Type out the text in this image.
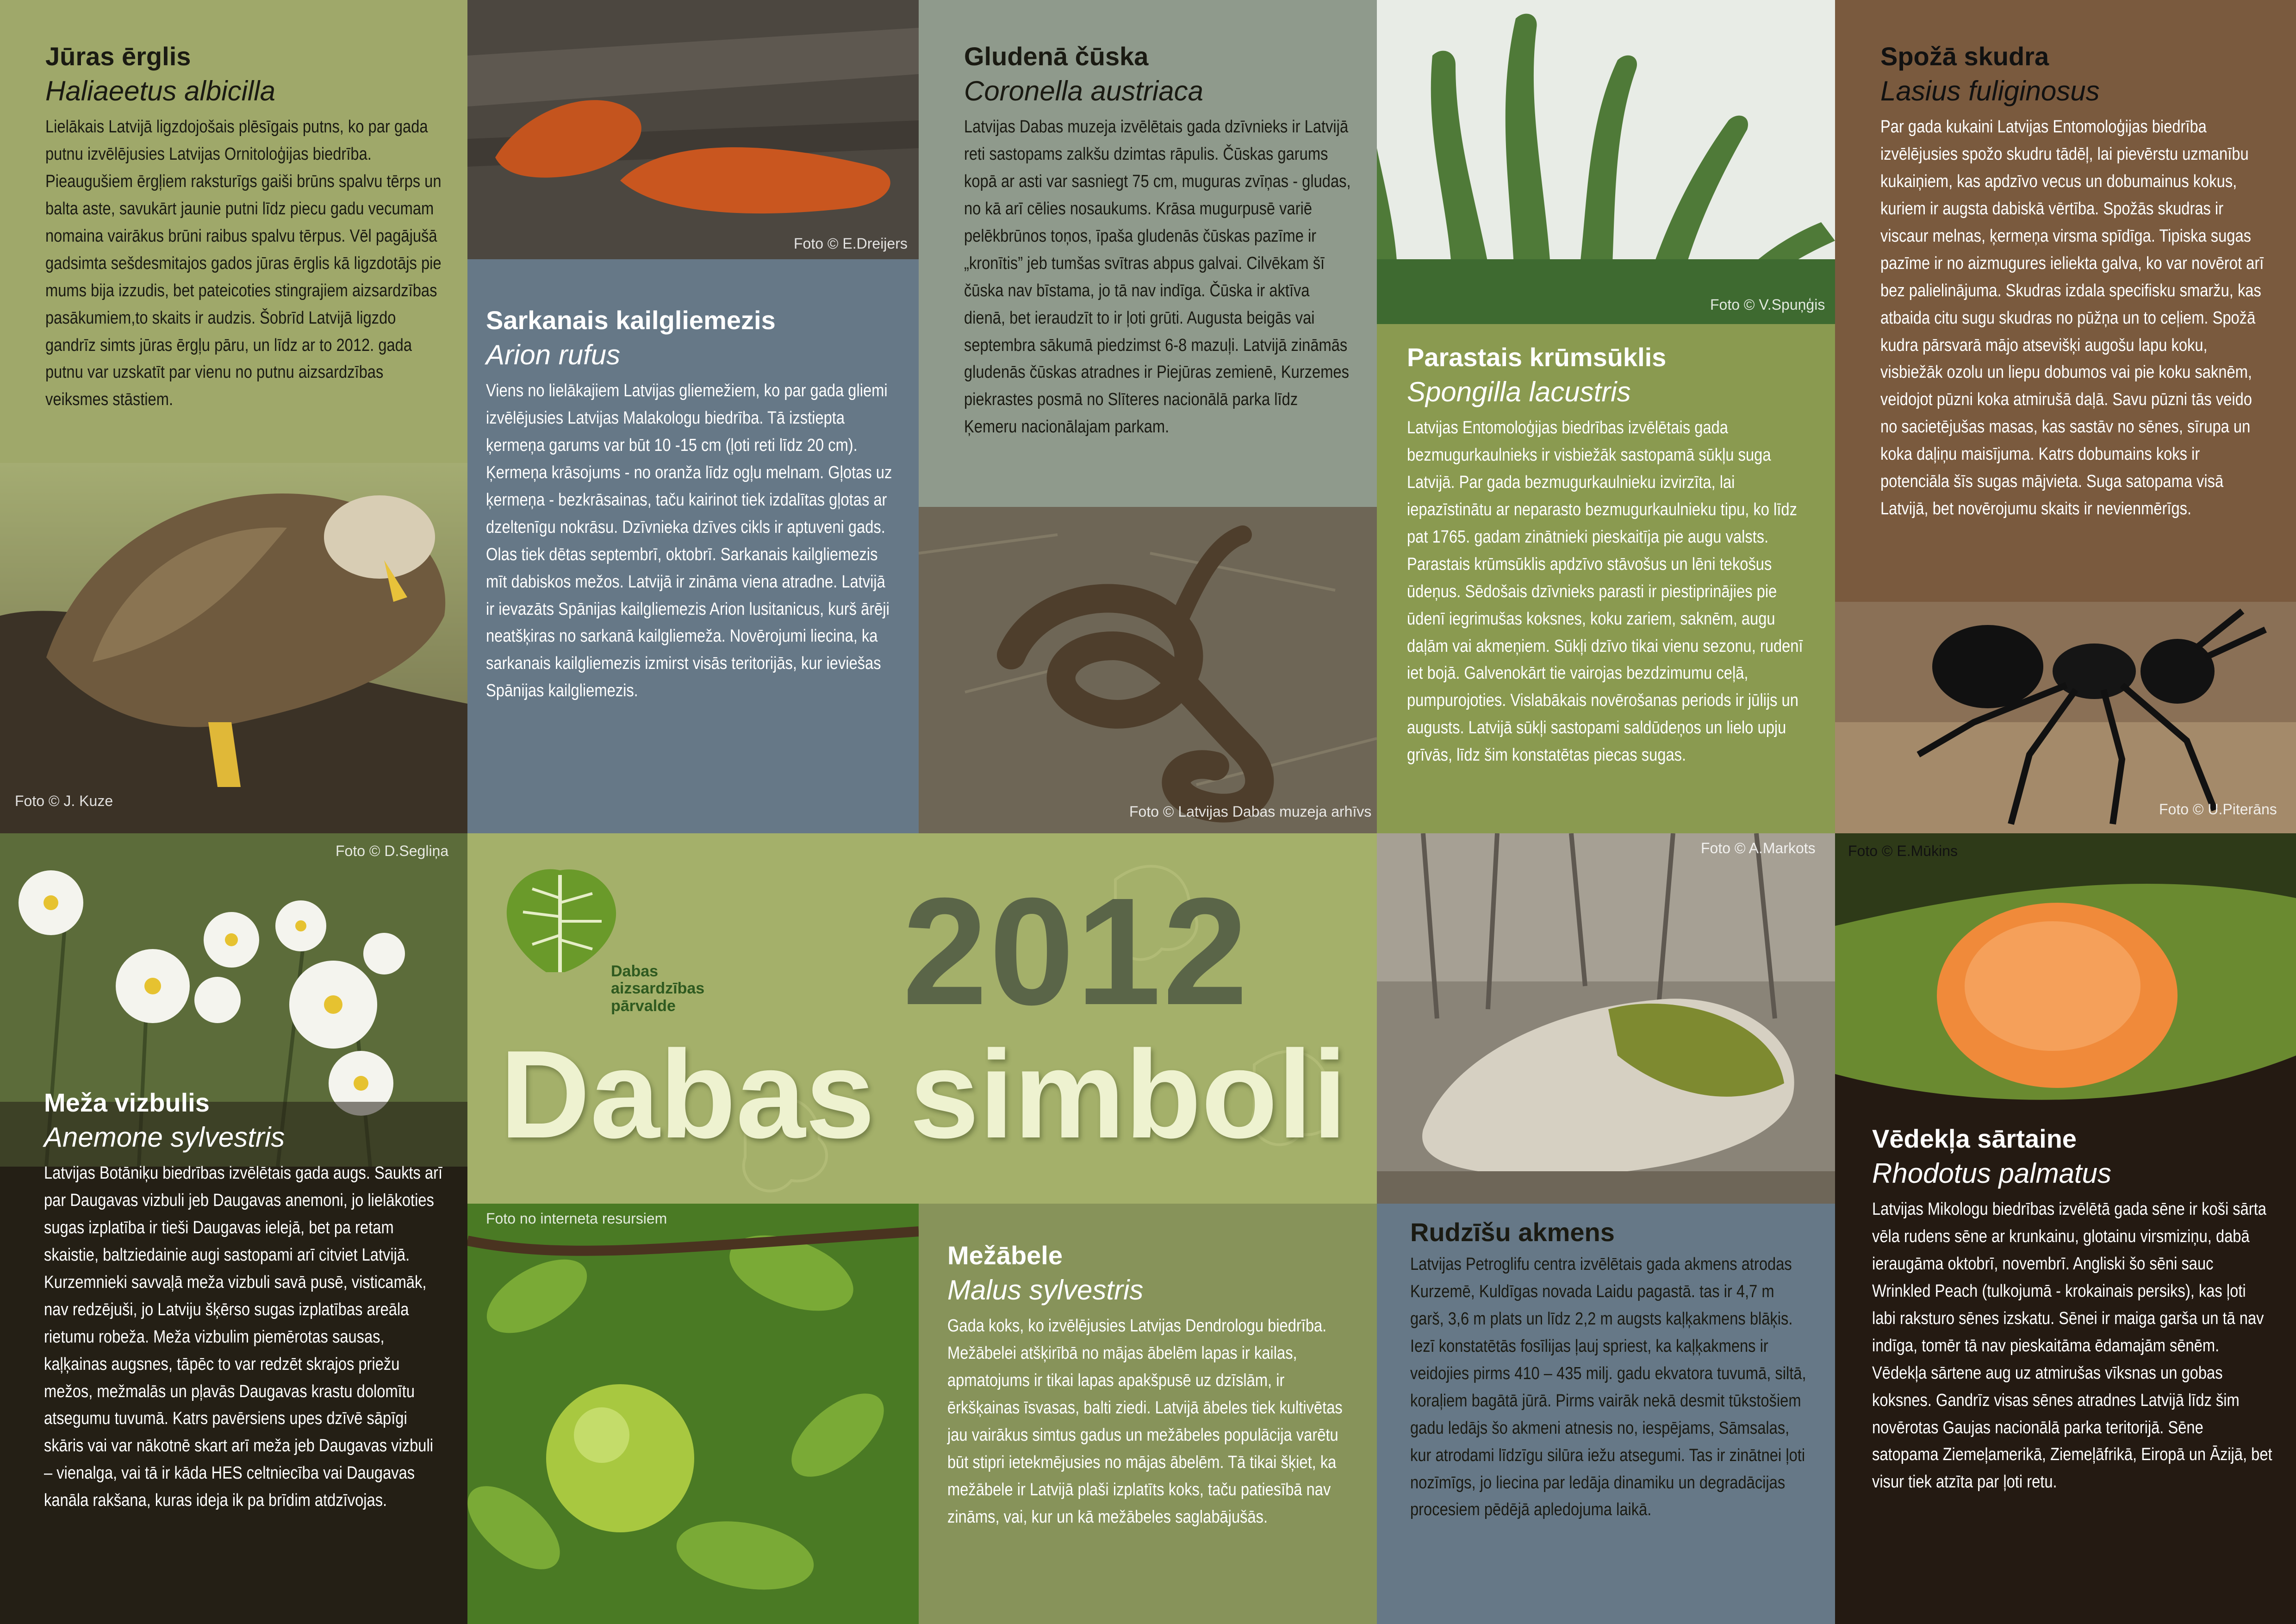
Jūras ērglis
Haliaeetus albicilla

Lielākais Latvijā ligzdojošais plēsīgais putns, ko par gada putnu izvēlējusies Latvijas Ornitoloģijas biedrība. Pieaugušiem ērgļiem raksturīgs gaiši brūns spalvu tērps un balta aste, savukārt jaunie putni līdz piecu gadu vecumam nomaina vairākus brūni raibus spalvu tērpus. Vēl pagājušā gadsimta sešdesmitajos gados jūras ērglis kā ligzdotājs pie mums bija izzudis, bet pateicoties stingrajiem aizsardzības pasākumiem,to skaits ir audzis. Šobrīd Latvijā ligzdo gandrīz simts jūras ērgļu pāru, un līdz ar to 2012. gada putnu var uzskatīt par vienu no putnu aizsardzības veiksmes stāstiem.

Foto © J. Kuze
Foto © E.Dreijers
Gludenā čūska
Coronella austriaca

Latvijas Dabas muzeja izvēlētais gada dzīvnieks ir Latvijā reti sastopams zalkšu dzimtas rāpulis. Čūskas garums kopā ar asti var sasniegt 75 cm, muguras zvīņas - gludas, no kā arī cēlies nosaukums. Krāsa mugurpusē variē pelēkbrūnos toņos, īpaša gludenās čūskas pazīme ir „kronītis” jeb tumšas svītras abpus galvai. Cilvēkam šī čūska nav bīstama, jo tā nav indīga. Čūska ir aktīva dienā, bet ieraudzīt to ir ļoti grūti. Augusta beigās vai septembra sākumā piedzimst 6-8 mazuļi. Latvijā zināmās gludenās čūskas atradnes ir Piejūras zemienē, Kurzemes piekrastes posmā no Slīteres nacionālā parka līdz Ķemeru nacionālajam parkam.

Foto © V.Spuņģis
Spožā skudra
Lasius fuliginosus

Par gada kukaini Latvijas Entomoloģijas biedrība izvēlējusies spožo skudru tādēļ, lai pievērstu uzmanību kukaiņiem, kas apdzīvo vecus un dobumainus kokus, kuriem ir augsta dabiskā vērtība. Spožās skudras ir viscaur melnas, ķermeņa virsma spīdīga. Tipiska sugas pazīme ir no aizmugures ieliekta galva, ko var novērot arī bez palielinājuma. Skudras izdala specifisku smaržu, kas atbaida citu sugu skudras no pūžņa un to ceļiem. Spožā kudra pārsvarā mājo atsevišķi augošu lapu koku, visbiežāk ozolu un liepu dobumos vai pie koku saknēm, veidojot pūzni koka atmirušā daļā. Savu pūzni tās veido no sacietējušas masas, kas sastāv no sēnes, sīrupa un koka daļiņu maisījuma. Katrs dobumains koks ir potenciāla šīs sugas mājvieta. Suga satopama visā Latvijā, bet novērojumu skaits ir nevienmērīgs.

Foto © U.Piterāns
Sarkanais kailgliemezis
Arion rufus

Viens no lielākajiem Latvijas gliemežiem, ko par gada gliemi izvēlējusies Latvijas Malakologu biedrība. Tā izstiepta ķermeņa garums var būt 10 -15 cm (ļoti reti līdz 20 cm). Ķermeņa krāsojums - no oranža līdz ogļu melnam. Gļotas uz ķermeņa - bezkrāsainas, taču kairinot tiek izdalītas gļotas ar dzeltenīgu nokrāsu. Dzīvnieka dzīves cikls ir aptuveni gads. Olas tiek dētas septembrī, oktobrī. Sarkanais kailgliemezis mīt dabiskos mežos. Latvijā ir zināma viena atradne. Latvijā ir ievazāts Spānijas kailgliemezis Arion lusitanicus, kurš ārēji neatšķiras no sarkanā kailgliemeža. Novērojumi liecina, ka sarkanais kailgliemezis izmirst visās teritorijās, kur ieviešas Spānijas kailgliemezis.

Foto © Latvijas Dabas muzeja arhīvs
Parastais krūmsūklis
Spongilla lacustris

Latvijas Entomoloģijas biedrības izvēlētais gada bezmugurkaulnieks ir visbiežāk sastopamā sūkļu suga Latvijā. Par gada bezmugurkaulnieku izvirzīta, lai iepazīstinātu ar neparasto bezmugurkaulnieku tipu, ko līdz pat 1765. gadam zinātnieki pieskaitīja pie augu valsts. Parastais krūmsūklis apdzīvo stāvošus un lēni tekošus ūdeņus. Sēdošais dzīvnieks parasti ir piestiprinājies pie ūdenī iegrimušas koksnes, koku zariem, saknēm, augu daļām vai akmeņiem. Sūkļi dzīvo tikai vienu sezonu, rudenī iet bojā. Galvenokārt tie vairojas bezdzimumu ceļā, pumpurojoties. Vislabākais novērošanas periods ir jūlijs un augusts. Latvijā sūkļi sastopami saldūdeņos un lielo upju grīvās, līdz šim konstatētas piecas sugas.

Foto © D.Segliņa
Meža vizbulis
Anemone sylvestris

Latvijas Botāniķu biedrības izvēlētais gada augs. Saukts arī par Daugavas vizbuli jeb Daugavas anemoni, jo lielākoties sugas izplatība ir tieši Daugavas ielejā, bet pa retam skaistie, baltziedainie augi sastopami arī citviet Latvijā. Kurzemnieki savvaļā meža vizbuli savā pusē, visticamāk, nav redzējuši, jo Latviju šķērso sugas izplatības areāla rietumu robeža. Meža vizbulim piemērotas sausas, kaļķainas augsnes, tāpēc to var redzēt skrajos priežu mežos, mežmalās un pļavās Daugavas krastu dolomītu atsegumu tuvumā. Katrs pavērsiens upes dzīvē sāpīgi skāris vai var nākotnē skart arī meža jeb Daugavas vizbuli – vienalga, vai tā ir kāda HES celtniecība vai Daugavas kanāla rakšana, kuras ideja ik pa brīdim atdzīvojas.

Dabas
aizsardzības
pārvalde 2012
Dabas simboli
Foto © A.Markots Foto © E.Mūkins
Vēdekļa sārtaine
Rhodotus palmatus

Latvijas Mikologu biedrības izvēlētā gada sēne ir koši sārta vēla rudens sēne ar krunkainu, glotainu virsmiziņu, dabā ieraugāma oktobrī, novembrī. Angliski šo sēni sauc Wrinkled Peach (tulkojumā - krokainais persiks), kas ļoti labi raksturo sēnes izskatu. Sēnei ir maiga garša un tā nav indīga, tomēr tā nav pieskaitāma ēdamajām sēnēm. Vēdekļa sārtene aug uz atmirušas vīksnas un gobas koksnes. Gandrīz visas sēnes atradnes Latvijā līdz šim novērotas Gaujas nacionālā parka teritorijā. Sēne satopama Ziemeļamerikā, Ziemeļāfrikā, Eiropā un Āzijā, bet visur tiek atzīta par ļoti retu.

Foto no interneta resursiem
Mežābele
Malus sylvestris

Gada koks, ko izvēlējusies Latvijas Dendrologu biedrība. Mežābelei atšķirībā no mājas ābelēm lapas ir kailas, apmatojums ir tikai lapas apakšpusē uz dzīslām, ir ērkšķainas īsvasas, balti ziedi. Latvijā ābeles tiek kultivētas jau vairākus simtus gadus un mežābeles populācija varētu būt stipri ietekmējusies no mājas ābelēm. Tā tikai šķiet, ka mežābele ir Latvijā plaši izplatīts koks, taču patiesībā nav zināms, vai, kur un kā mežābeles saglabājušās.

Rudzīšu akmens

Latvijas Petroglifu centra izvēlētais gada akmens atrodas Kurzemē, Kuldīgas novada Laidu pagastā. tas ir 4,7 m garš, 3,6 m plats un līdz 2,2 m augsts kaļķakmens blāķis. Iezī konstatētās fosīlijas ļauj spriest, ka kaļķakmens ir veidojies pirms 410 – 435 milj. gadu ekvatora tuvumā, siltā, koraļiem bagātā jūrā. Pirms vairāk nekā desmit tūkstošiem gadu ledājs šo akmeni atnesis no, iespējams, Sāmsalas, kur atrodami līdzīgu silūra iežu atsegumi. Tas ir zinātnei ļoti nozīmīgs, jo liecina par ledāja dinamiku un degradācijas procesiem pēdējā apledojuma laikā.
